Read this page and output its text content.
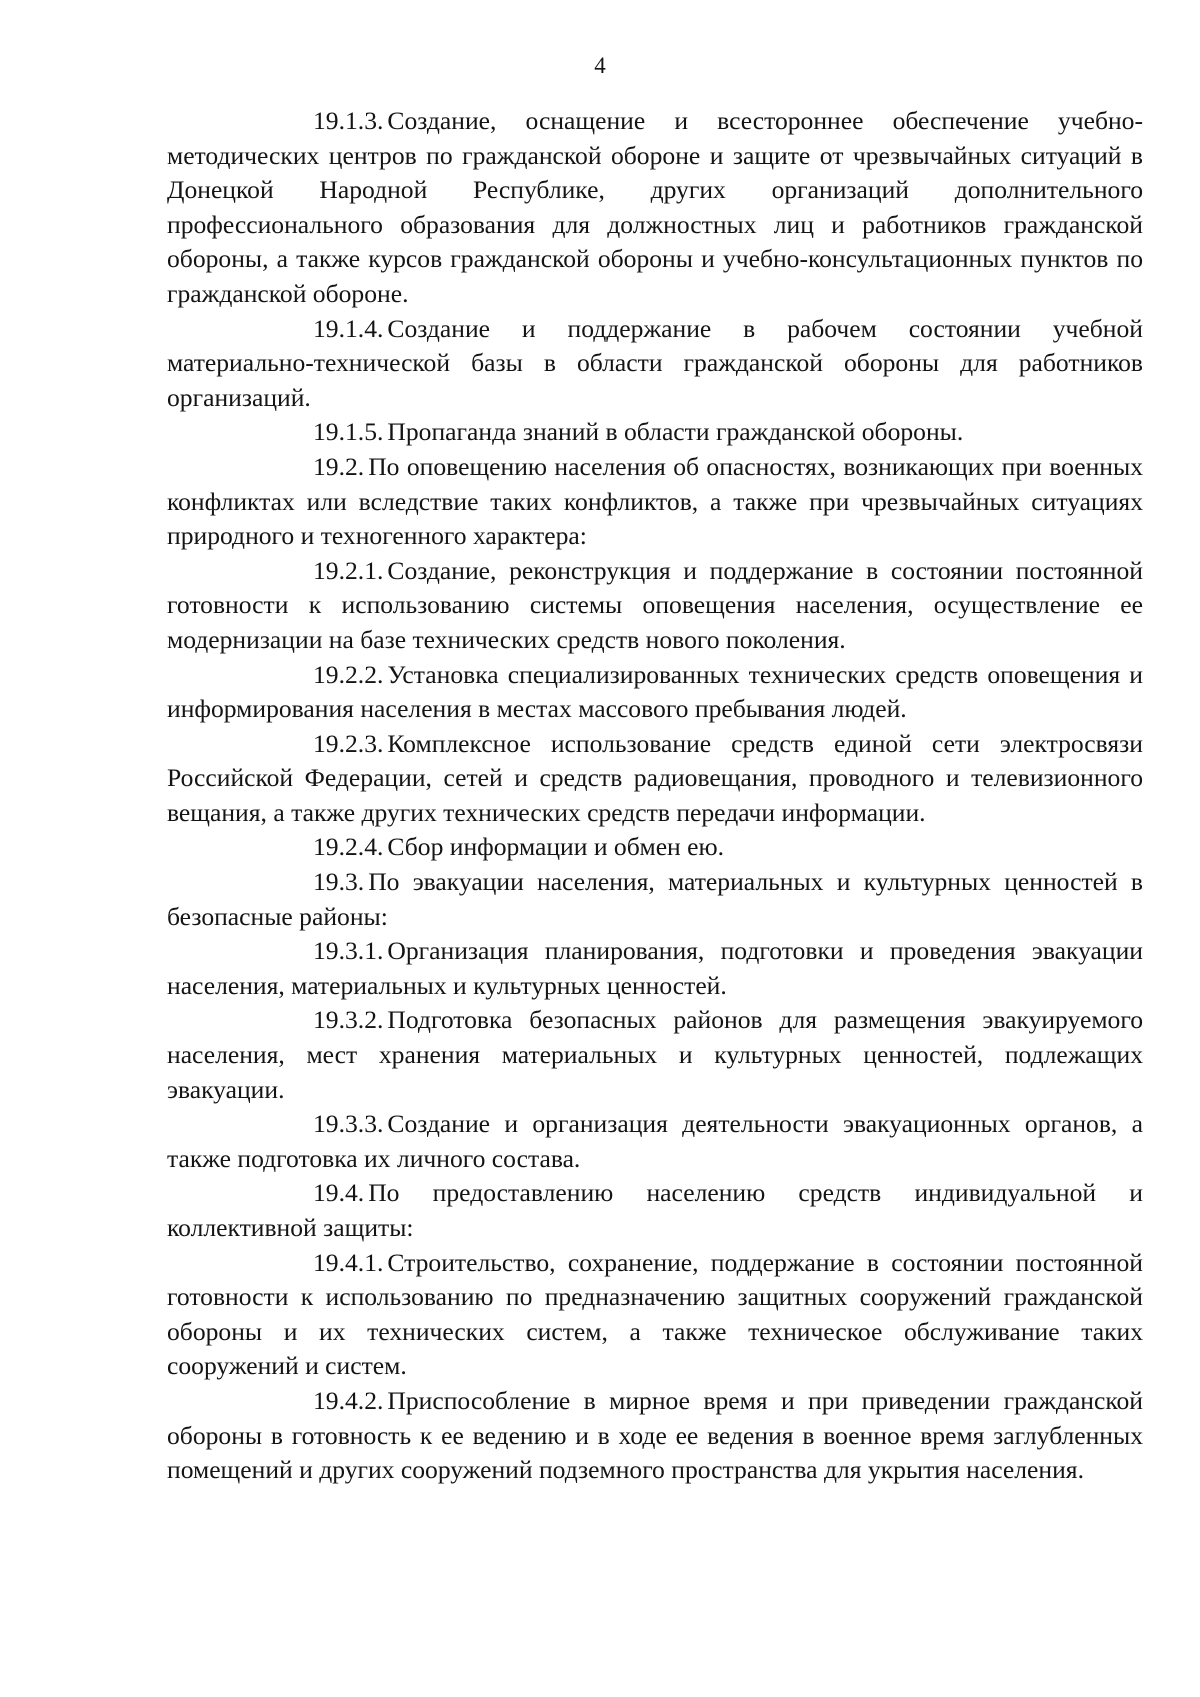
4

19.1.3. Создание, оснащение и всестороннее обеспечение учебно-методических центров по гражданской обороне и защите от чрезвычайных ситуаций в Донецкой Народной Республике, других организаций дополнительного профессионального образования для должностных лиц и работников гражданской обороны, а также курсов гражданской обороны и учебно-консультационных пунктов по гражданской обороне.

19.1.4. Создание и поддержание в рабочем состоянии учебной материально-технической базы в области гражданской обороны для работников организаций.

19.1.5. Пропаганда знаний в области гражданской обороны.

19.2. По оповещению населения об опасностях, возникающих при военных конфликтах или вследствие таких конфликтов, а также при чрезвычайных ситуациях природного и техногенного характера:

19.2.1. Создание, реконструкция и поддержание в состоянии постоянной готовности к использованию системы оповещения населения, осуществление ее модернизации на базе технических средств нового поколения.

19.2.2. Установка специализированных технических средств оповещения и информирования населения в местах массового пребывания людей.

19.2.3. Комплексное использование средств единой сети электросвязи Российской Федерации, сетей и средств радиовещания, проводного и телевизионного вещания, а также других технических средств передачи информации.

19.2.4. Сбор информации и обмен ею.

19.3. По эвакуации населения, материальных и культурных ценностей в безопасные районы:

19.3.1. Организация планирования, подготовки и проведения эвакуации населения, материальных и культурных ценностей.

19.3.2. Подготовка безопасных районов для размещения эвакуируемого населения, мест хранения материальных и культурных ценностей, подлежащих эвакуации.

19.3.3. Создание и организация деятельности эвакуационных органов, а также подготовка их личного состава.

19.4. По предоставлению населению средств индивидуальной и коллективной защиты:

19.4.1. Строительство, сохранение, поддержание в состоянии постоянной готовности к использованию по предназначению защитных сооружений гражданской обороны и их технических систем, а также техническое обслуживание таких сооружений и систем.

19.4.2. Приспособление в мирное время и при приведении гражданской обороны в готовность к ее ведению и в ходе ее ведения в военное время заглубленных помещений и других сооружений подземного пространства для укрытия населения.
